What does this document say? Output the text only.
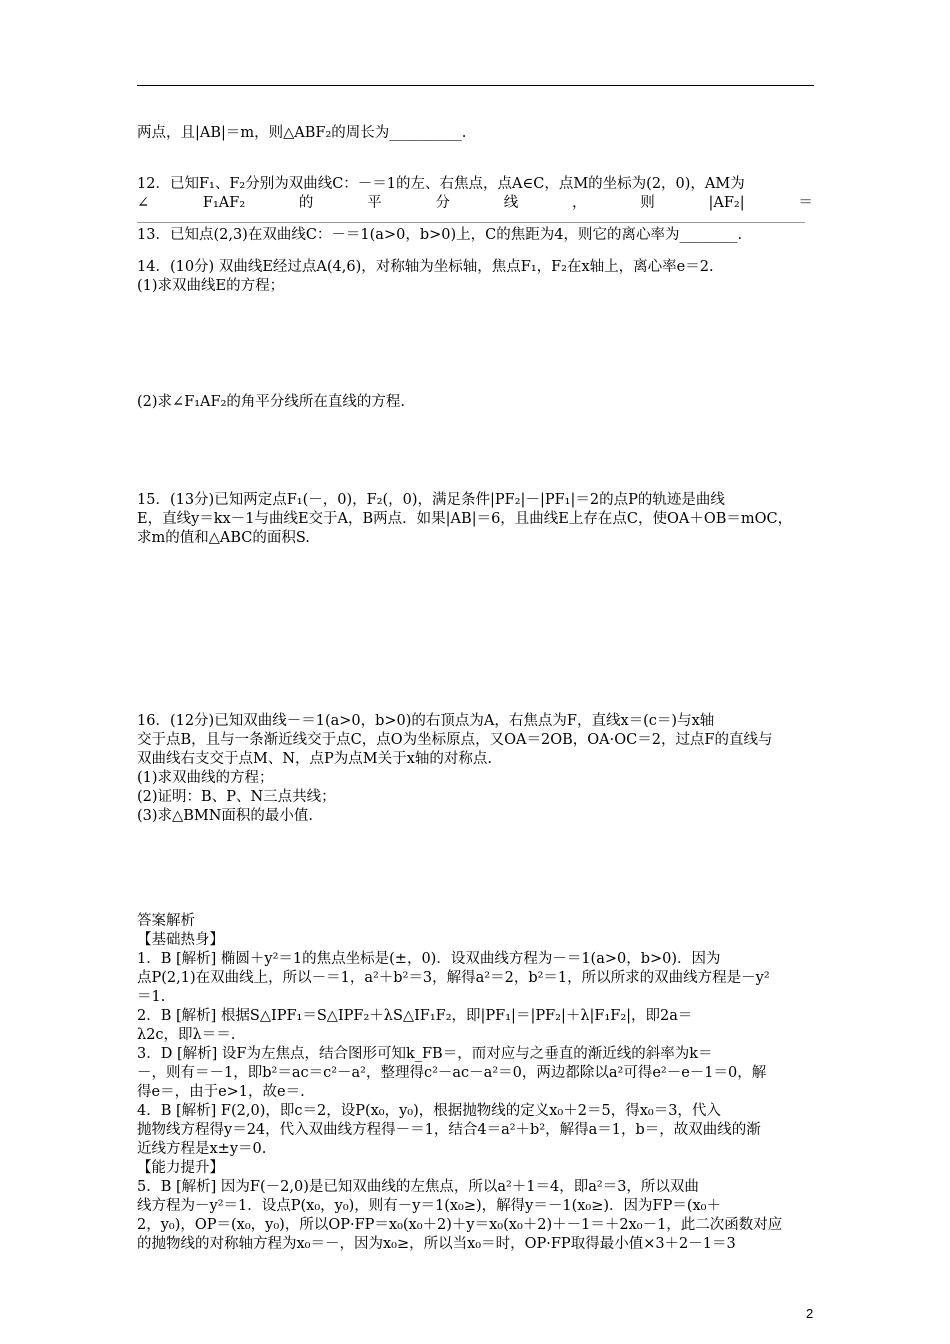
两点，且|AB|＝m，则△ABF₂的周长为__________.
12．已知F₁、F₂分别为双曲线C：－＝1的左、右焦点，点A∈C，点M的坐标为(2，0)，AM为
13．已知点(2,3)在双曲线C：－＝1(a>0，b>0)上，C的焦距为4，则它的离心率为________.
14．(10分) 双曲线E经过点A(4,6)，对称轴为坐标轴，焦点F₁，F₂在x轴上，离心率e＝2.
(1)求双曲线E的方程；
(2)求∠F₁AF₂的角平分线所在直线的方程.
15．(13分)已知两定点F₁(－，0)，F₂(，0)，满足条件|PF₂|－|PF₁|＝2的点P的轨迹是曲线
E，直线y＝kx－1与曲线E交于A，B两点．如果|AB|＝6，且曲线E上存在点C，使OA＋OB＝mOC，
求m的值和△ABC的面积S.
16．(12分)已知双曲线－＝1(a>0，b>0)的右顶点为A，右焦点为F，直线x＝(c＝)与x轴
交于点B，且与一条渐近线交于点C，点O为坐标原点，又OA＝2OB，OA·OC＝2，过点F的直线与
双曲线右支交于点M、N，点P为点M关于x轴的对称点.
(1)求双曲线的方程；
(2)证明：B、P、N三点共线；
(3)求△BMN面积的最小值.
答案解析
【基础热身】
1．B [解析] 椭圆＋y²＝1的焦点坐标是(±，0)．设双曲线方程为－＝1(a>0，b>0)．因为
点P(2,1)在双曲线上，所以－＝1，a²＋b²＝3，解得a²＝2，b²＝1，所以所求的双曲线方程是－y²
＝1.
2．B [解析] 根据S△IPF₁＝S△IPF₂＋λS△IF₁F₂，即|PF₁|＝|PF₂|＋λ|F₁F₂|，即2a＝
λ2c，即λ＝＝.
3．D [解析] 设F为左焦点，结合图形可知k_FB＝，而对应与之垂直的渐近线的斜率为k＝
－，则有＝－1，即b²＝ac＝c²－a²，整理得c²－ac－a²＝0，两边都除以a²可得e²－e－1＝0，解
得e＝，由于e>1，故e＝.
4．B [解析] F(2,0)，即c＝2，设P(x₀，y₀)，根据抛物线的定义x₀＋2＝5，得x₀＝3，代入
抛物线方程得y＝24，代入双曲线方程得－＝1，结合4＝a²＋b²，解得a＝1，b＝，故双曲线的渐
近线方程是x±y＝0.
【能力提升】
5．B [解析] 因为F(－2,0)是已知双曲线的左焦点，所以a²＋1＝4，即a²＝3，所以双曲
线方程为－y²＝1．设点P(x₀，y₀)，则有－y＝1(x₀≥)，解得y＝－1(x₀≥)．因为FP＝(x₀＋
2，y₀)，OP＝(x₀，y₀)，所以OP·FP＝x₀(x₀＋2)＋y＝x₀(x₀＋2)＋－1＝＋2x₀－1，此二次函数对应
的抛物线的对称轴方程为x₀＝－，因为x₀≥，所以当x₀＝时，OP·FP取得最小值×3＋2－1＝3
∠	F₁AF₂	的	平	分	线	，	则	|AF₂|	＝
2
